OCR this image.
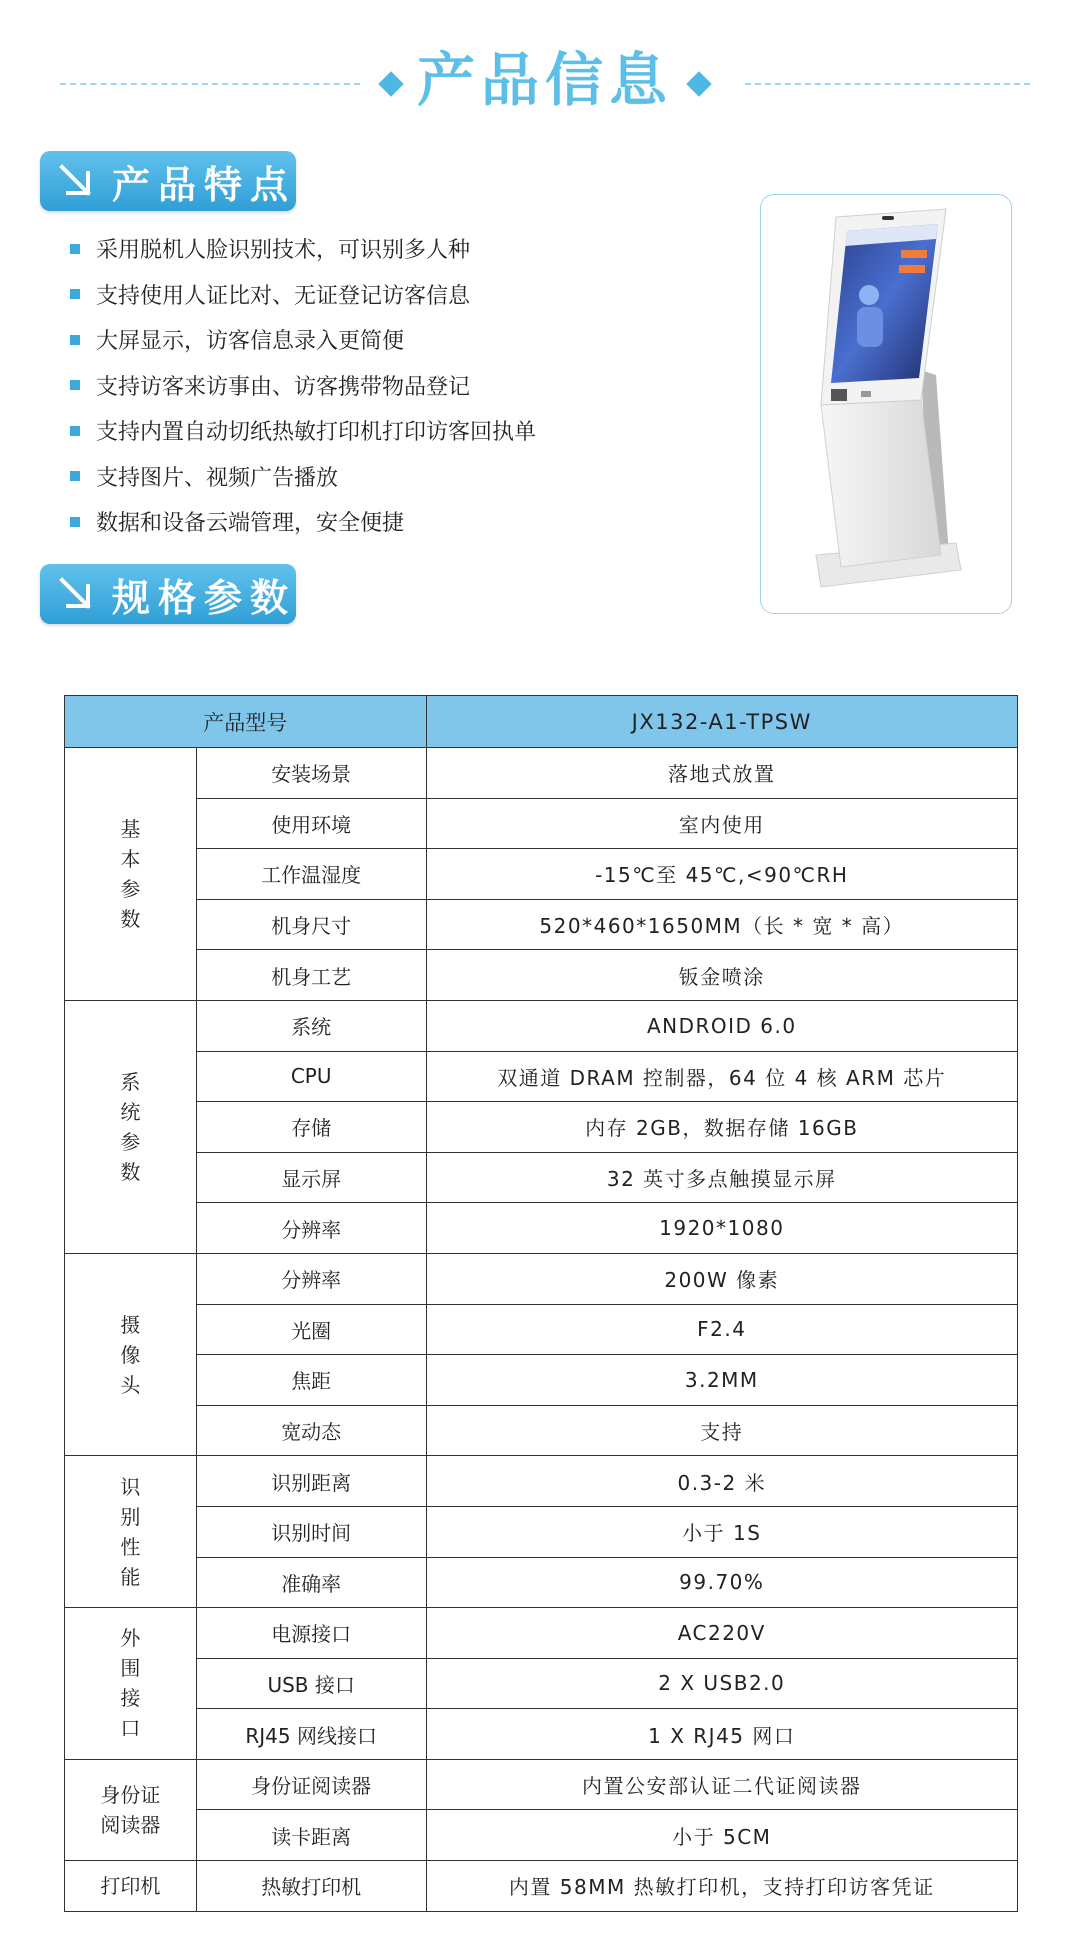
产品信息
产品特点
采用脱机人脸识别技术，可识别多人种
支持使用人证比对、无证登记访客信息
大屏显示，访客信息录入更简便
支持访客来访事由、访客携带物品登记
支持内置自动切纸热敏打印机打印访客回执单
支持图片、视频广告播放
数据和设备云端管理，安全便捷
规格参数
产品型号		JX132-A1-TPSW

基
本
参
数	安装场景	落地式放置
	使用环境	室内使用
	工作温湿度	-15℃至 45℃,<90℃RH
	机身尺寸	520*460*1650MM（长 * 宽 * 高）
	机身工艺	钣金喷涂

系
统
参
数	系统	ANDROID 6.0
	CPU	双通道 DRAM 控制器，64 位 4 核 ARM 芯片
	存储	内存 2GB，数据存储 16GB
	显示屏	32 英寸多点触摸显示屏
	分辨率	1920*1080

摄
像
头	分辨率	200W 像素
	光圈	F2.4
	焦距	3.2MM
	宽动态	支持

识
别
性
能	识别距离	0.3-2 米
	识别时间	小于 1S
	准确率	99.70%

外
围
接
口	电源接口	AC220V
	USB 接口	2 X USB2.0
	RJ45 网线接口	1 X RJ45 网口

身份证
阅读器	身份证阅读器	内置公安部认证二代证阅读器
	读卡距离	小于 5CM

打印机	热敏打印机	内置 58MM 热敏打印机，支持打印访客凭证
